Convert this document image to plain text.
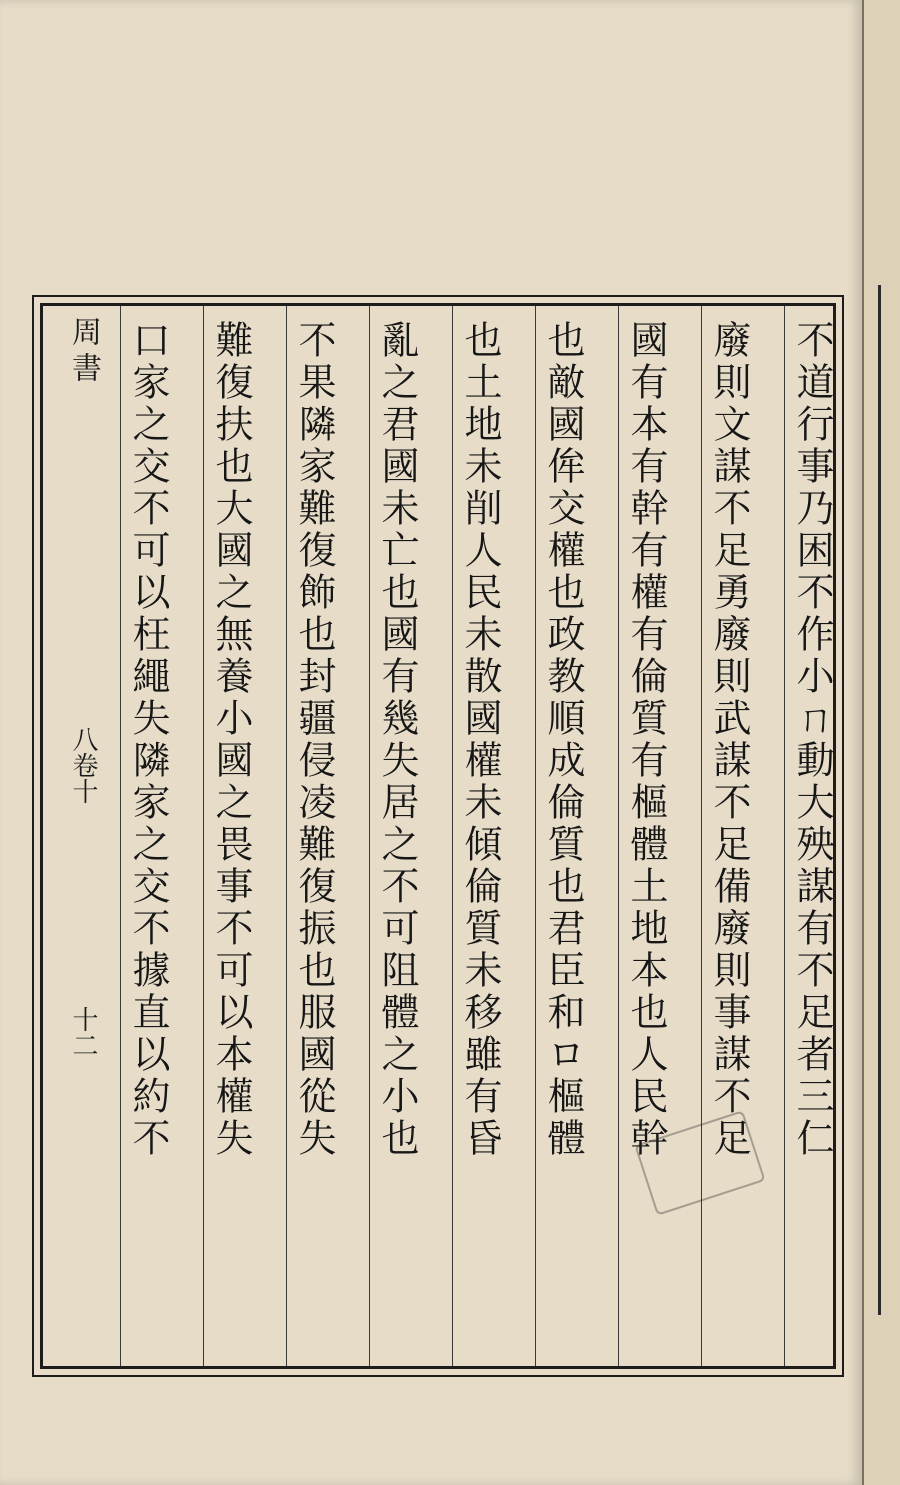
周書
八卷十
十二	不道行事乃困不作小ㄇ動大殃謀有不足者三仁
廢則文謀不足勇廢則武謀不足備廢則事謀不足
國有本有幹有權有倫質有樞體土地本也人民幹
也敵國侔交權也政教順成倫質也君臣和ロ樞體
也土地未削人民未散國權未傾倫質未移雖有昏
亂之君國未亡也國有幾失居之不可阻體之小也
不果隣家難復飾也封疆侵凌難復振也服國從失
難復扶也大國之無養小國之畏事不可以本權失
口家之交不可以枉繩失隣家之交不據直以約不
